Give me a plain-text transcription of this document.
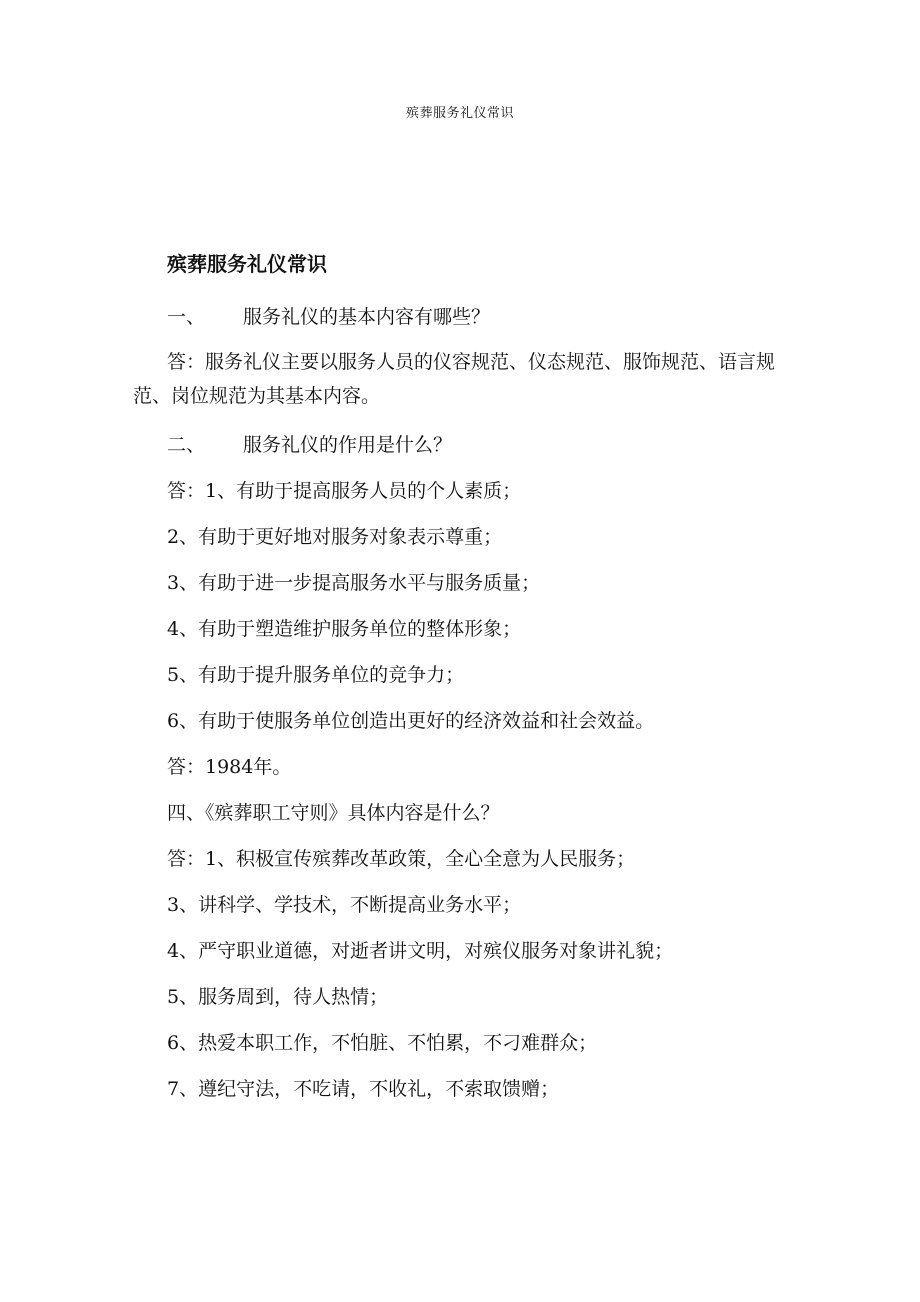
殡葬服务礼仪常识
殡葬服务礼仪常识
一、 服务礼仪的基本内容有哪些？

答：服务礼仪主要以服务人员的仪容规范、仪态规范、服饰规范、语言规范、岗位规范为其基本内容。

二、 服务礼仪的作用是什么？
答：1、有助于提高服务人员的个人素质；
2、有助于更好地对服务对象表示尊重；
3、有助于进一步提高服务水平与服务质量；
4、有助于塑造维护服务单位的整体形象；
5、有助于提升服务单位的竞争力；
6、有助于使服务单位创造出更好的经济效益和社会效益。
答：1984年。
四、《殡葬职工守则》具体内容是什么？
答：1、积极宣传殡葬改革政策，全心全意为人民服务；
3、讲科学、学技术，不断提高业务水平；
4、严守职业道德，对逝者讲文明，对殡仪服务对象讲礼貌；
5、服务周到，待人热情；
6、热爱本职工作，不怕脏、不怕累，不刁难群众；
7、遵纪守法，不吃请，不收礼，不索取馈赠；
